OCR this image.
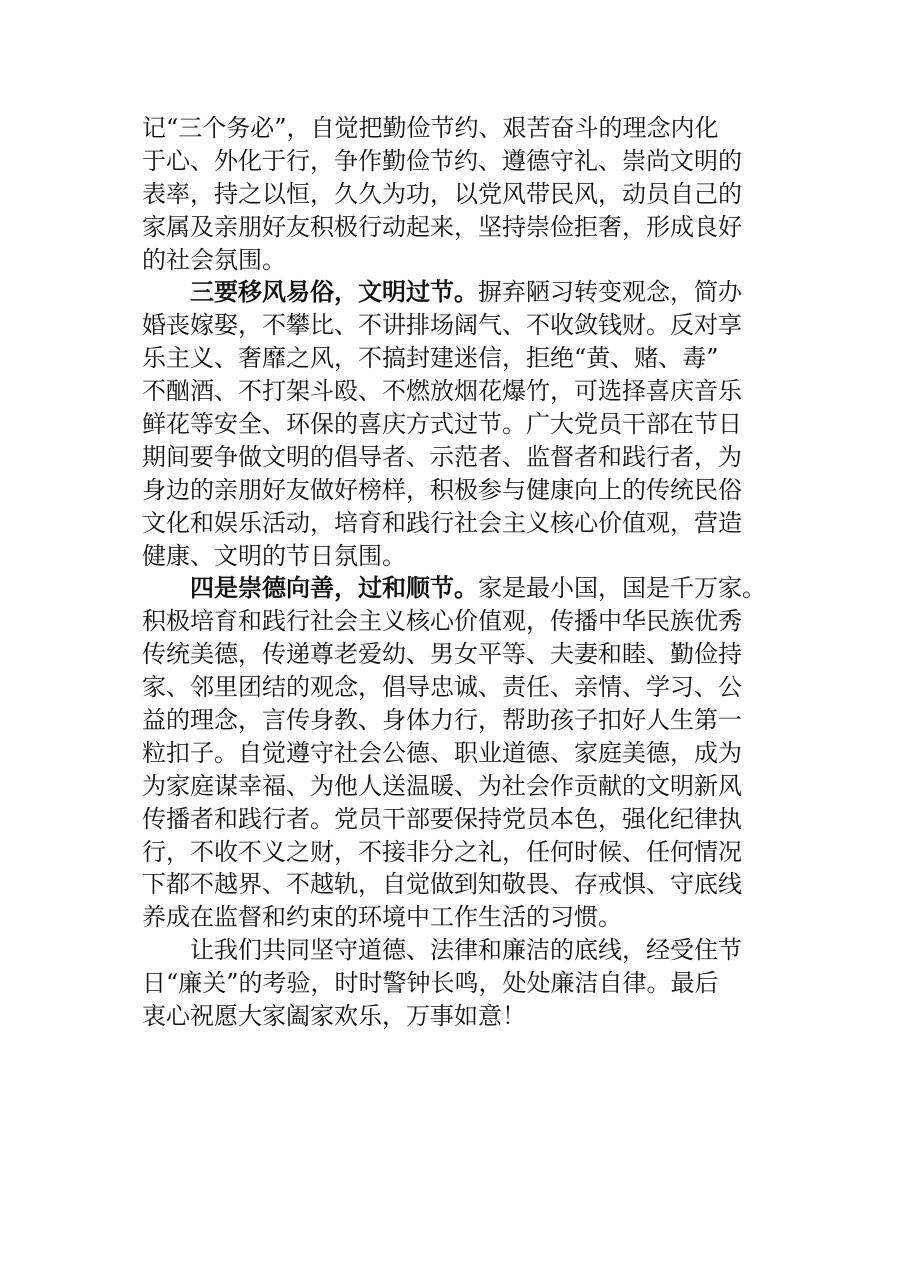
记“三个务必”，自觉把勤俭节约、艰苦奋斗的理念内化
于心、外化于行，争作勤俭节约、遵德守礼、崇尚文明的
表率，持之以恒，久久为功，以党风带民风，动员自己的
家属及亲朋好友积极行动起来，坚持崇俭拒奢，形成良好
的社会氛围。
三要移风易俗，文明过节。摒弃陋习转变观念，简办
婚丧嫁娶，不攀比、不讲排场阔气、不收敛钱财。反对享
乐主义、奢靡之风，不搞封建迷信，拒绝“黄、赌、毒”
不酗酒、不打架斗殴、不燃放烟花爆竹，可选择喜庆音乐
鲜花等安全、环保的喜庆方式过节。广大党员干部在节日
期间要争做文明的倡导者、示范者、监督者和践行者，为
身边的亲朋好友做好榜样，积极参与健康向上的传统民俗
文化和娱乐活动，培育和践行社会主义核心价值观，营造
健康、文明的节日氛围。
四是崇德向善，过和顺节。家是最小国，国是千万家。
积极培育和践行社会主义核心价值观，传播中华民族优秀
传统美德，传递尊老爱幼、男女平等、夫妻和睦、勤俭持
家、邻里团结的观念，倡导忠诚、责任、亲情、学习、公
益的理念，言传身教、身体力行，帮助孩子扣好人生第一
粒扣子。自觉遵守社会公德、职业道德、家庭美德，成为
为家庭谋幸福、为他人送温暖、为社会作贡献的文明新风
传播者和践行者。党员干部要保持党员本色，强化纪律执
行，不收不义之财，不接非分之礼，任何时候、任何情况
下都不越界、不越轨，自觉做到知敬畏、存戒惧、守底线
养成在监督和约束的环境中工作生活的习惯。
让我们共同坚守道德、法律和廉洁的底线，经受住节
日“廉关”的考验，时时警钟长鸣，处处廉洁自律。最后
衷心祝愿大家阖家欢乐，万事如意！
